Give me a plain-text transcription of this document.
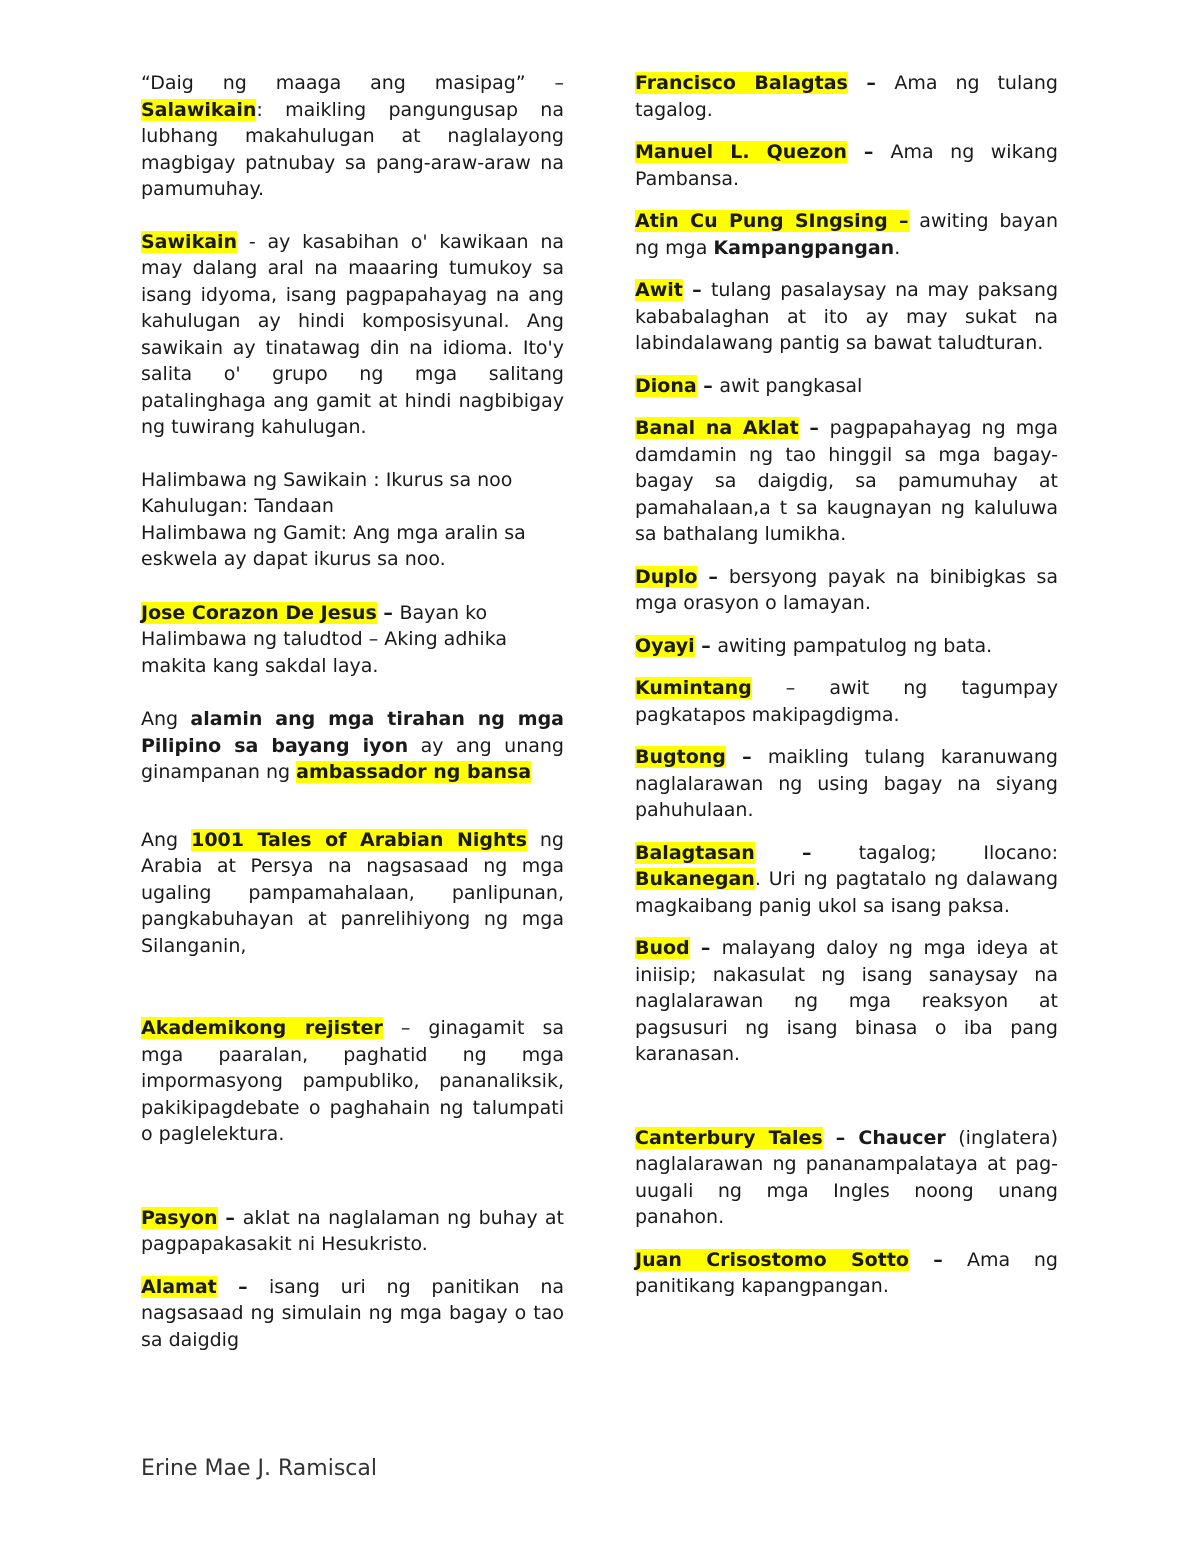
“Daig ng maaga ang masipag” – Salawikain: maikling pangungusap na lubhang makahulugan at naglalayong magbigay patnubay sa pang-araw-araw na pamumuhay.

Sawikain - ay kasabihan o' kawikaan na may dalang aral na maaaring tumukoy sa isang idyoma, isang pagpapahayag na ang kahulugan ay hindi komposisyunal. Ang sawikain ay tinatawag din na idioma. Ito'y salita o' grupo ng mga salitang patalinghaga ang gamit at hindi nagbibigay ng tuwirang kahulugan.

Halimbawa ng Sawikain : Ikurus sa noo

Kahulugan: Tandaan

Halimbawa ng Gamit: Ang mga aralin sa eskwela ay dapat ikurus sa noo.

Jose Corazon De Jesus – Bayan ko

Halimbawa ng taludtod – Aking adhika makita kang sakdal laya.

Ang alamin ang mga tirahan ng mga Pilipino sa bayang iyon ay ang unang ginampanan ng ambassador ng bansa

Ang 1001 Tales of Arabian Nights ng Arabia at Persya na nagsasaad ng mga ugaling pampamahalaan, panlipunan, pangkabuhayan at panrelihiyong ng mga Silanganin,

Akademikong rejister – ginagamit sa mga paaralan, paghatid ng mga impormasyong pampubliko, pananaliksik, pakikipagdebate o paghahain ng talumpati o paglelektura.

Pasyon – aklat na naglalaman ng buhay at pagpapakasakit ni Hesukristo.

Alamat – isang uri ng panitikan na nagsasaad ng simulain ng mga bagay o tao sa daigdig

Francisco Balagtas – Ama ng tulang tagalog.

Manuel L. Quezon – Ama ng wikang Pambansa.

Atin Cu Pung SIngsing – awiting bayan ng mga Kampangpangan.

Awit – tulang pasalaysay na may paksang kababalaghan at ito ay may sukat na labindalawang pantig sa bawat taludturan.

Diona – awit pangkasal

Banal na Aklat – pagpapahayag ng mga damdamin ng tao hinggil sa mga bagay-bagay sa daigdig, sa pamumuhay at pamahalaan,a t sa kaugnayan ng kaluluwa sa bathalang lumikha.

Duplo – bersyong payak na binibigkas sa mga orasyon o lamayan.

Oyayi – awiting pampatulog ng bata.

Kumintang – awit ng tagumpay pagkatapos makipagdigma.

Bugtong – maikling tulang karanuwang naglalarawan ng using bagay na siyang pahuhulaan.

Balagtasan – tagalog; Ilocano: Bukanegan. Uri ng pagtatalo ng dalawang magkaibang panig ukol sa isang paksa.

Buod – malayang daloy ng mga ideya at iniisip; nakasulat ng isang sanaysay na naglalarawan ng mga reaksyon at pagsusuri ng isang binasa o iba pang karanasan.

Canterbury Tales – Chaucer (inglatera) naglalarawan ng pananampalataya at pag-uugali ng mga Ingles noong unang panahon.

Juan Crisostomo Sotto – Ama ng panitikang kapangpangan.

Erine Mae J. Ramiscal
